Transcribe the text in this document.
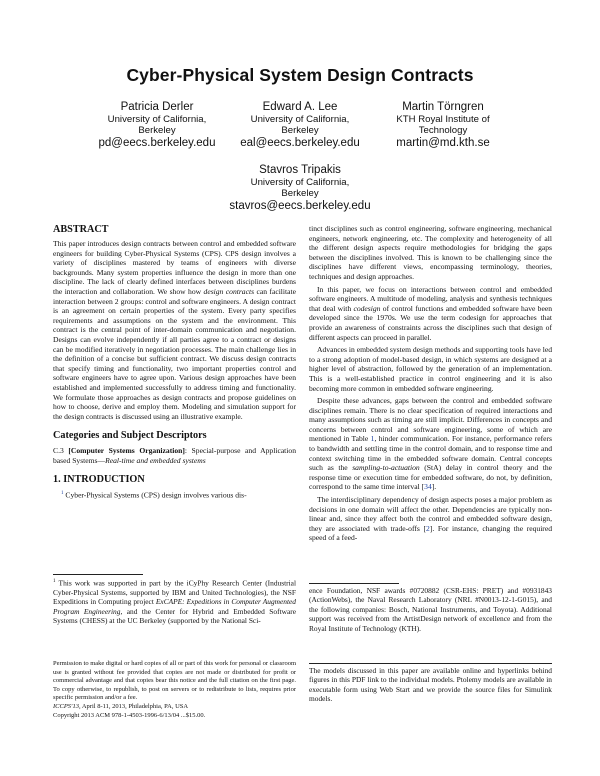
Cyber-Physical System Design Contracts
Patricia Derler
University of California,
Berkeley
pd@eecs.berkeley.edu
Edward A. Lee
University of California,
Berkeley
eal@eecs.berkeley.edu
Martin Törngren
KTH Royal Institute of
Technology
martin@md.kth.se
Stavros Tripakis
University of California,
Berkeley
stavros@eecs.berkeley.edu
ABSTRACT

This paper introduces design contracts between control and embedded software engineers for building Cyber-Physical Systems (CPS). CPS design involves a variety of disciplines mastered by teams of engineers with diverse backgrounds. Many system properties influence the design in more than one discipline. The lack of clearly defined interfaces between disciplines burdens the interaction and collaboration. We show how design contracts can facilitate interaction between 2 groups: control and software engineers. A design contract is an agreement on certain properties of the system. Every party specifies requirements and assumptions on the system and the environment. This contract is the central point of inter-domain communication and negotiation. Designs can evolve independently if all parties agree to a contract or designs can be modified iteratively in negotiation processes. The main challenge lies in the definition of a concise but sufficient contract. We discuss design contracts that specify timing and functionality, two important properties control and software engineers have to agree upon. Various design approaches have been established and implemented successfully to address timing and functionality. We formulate those approaches as design contracts and propose guidelines on how to choose, derive and employ them. Modeling and simulation support for the design contracts is discussed using an illustrative example.

Categories and Subject Descriptors

C.3 [Computer Systems Organization]: Special-purpose and Application based Systems—Real-time and embedded systems

1. INTRODUCTION

$^1$ Cyber-Physical Systems (CPS) design involves various dis-

$^1$ This work was supported in part by the iCyPhy Research Center (Industrial Cyber-Physical Systems, supported by IBM and United Technologies), the NSF Expeditions in Computing project ExCAPE: Expeditions in Computer Augmented Program Engineering, and the Center for Hybrid and Embedded Software Systems (CHESS) at the UC Berkeley (supported by the National Sci-

Permission to make digital or hard copies of all or part of this work for personal or classroom use is granted without fee provided that copies are not made or distributed for profit or commercial advantage and that copies bear this notice and the full citation on the first page. To copy otherwise, to republish, to post on servers or to redistribute to lists, requires prior specific permission and/or a fee.

ICCPS'13, April 8-11, 2013, Philadelphia, PA, USA

Copyright 2013 ACM 978-1-4503-1996-6/13/04 ...$15.00.

tinct disciplines such as control engineering, software engineering, mechanical engineers, network engineering, etc. The complexity and heterogeneity of all the different design aspects require methodologies for bridging the gaps between the disciplines involved. This is known to be challenging since the disciplines have different views, encompassing terminology, theories, techniques and design approaches.

In this paper, we focus on interactions between control and embedded software engineers. A multitude of modeling, analysis and synthesis techniques that deal with codesign of control functions and embedded software have been developed since the 1970s. We use the term codesign for approaches that provide an awareness of constraints across the disciplines such that design of different aspects can proceed in parallel.

Advances in embedded system design methods and supporting tools have led to a strong adoption of model-based design, in which systems are designed at a higher level of abstraction, followed by the generation of an implementation. This is a well-established practice in control engineering and it is also becoming more common in embedded software engineering.

Despite these advances, gaps between the control and embedded software disciplines remain. There is no clear specification of required interactions and many assumptions such as timing are still implicit. Differences in concepts and concerns between control and software engineering, some of which are mentioned in Table 1, hinder communication. For instance, performance refers to bandwidth and settling time in the control domain, and to response time and context switching time in the embedded software domain. Central concepts such as the sampling-to-actuation (StA) delay in control theory and the response time or execution time for embedded software, do not, by definition, correspond to the same time interval [34].

The interdisciplinary dependency of design aspects poses a major problem as decisions in one domain will affect the other. Dependencies are typically non-linear and, since they affect both the control and embedded software design, they are associated with trade-offs [2]. For instance, changing the required speed of a feed-

ence Foundation, NSF awards #0720882 (CSR-EHS: PRET) and #0931843 (ActionWebs), the Naval Research Laboratory (NRL #N0013-12-1-G015), and the following companies: Bosch, National Instruments, and Toyota). Additional support was received from the ArtistDesign network of excellence and from the Royal Institute of Technology (KTH).

The models discussed in this paper are available online and hyperlinks behind figures in this PDF link to the individual models. Ptolemy models are available in executable form using Web Start and we provide the source files for Simulink models.
